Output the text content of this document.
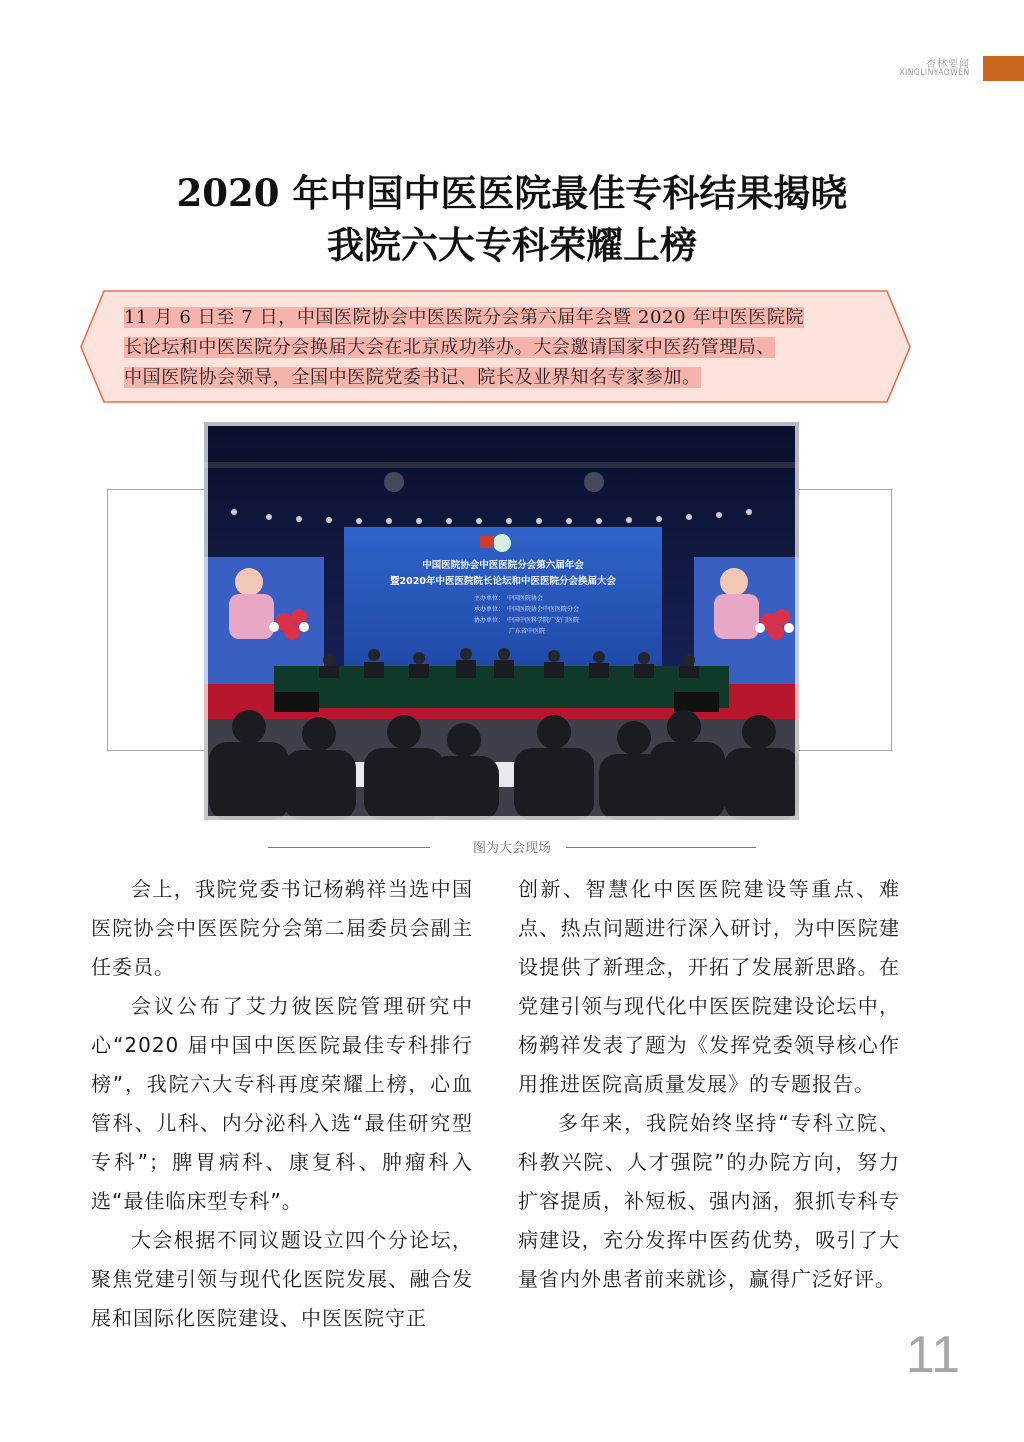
杏林要闻
XINGLINYAOWEN
2020 年中国中医医院最佳专科结果揭晓
我院六大专科荣耀上榜
11 月 6 日至 7 日，中国医院协会中医医院分会第六届年会暨 2020 年中医医院院
长论坛和中医医院分会换届大会在北京成功举办。大会邀请国家中医药管理局、
中国医院协会领导，全国中医院党委书记、院长及业界知名专家参加。
中国医院协会中医医院分会第六届年会
暨2020年中医医院院长论坛和中医医院分会换届大会
主办单位：　中国医院协会
承办单位：　中国医院协会中医医院分会
协办单位：　中国中医科学院广安门医院
广东省中医院
图为大会现场

会上，我院党委书记杨鹈祥当选中国医院协会中医医院分会第二届委员会副主任委员。

会议公布了艾力彼医院管理研究中心“2020 届中国中医医院最佳专科排行榜”，我院六大专科再度荣耀上榜，心血管科、儿科、内分泌科入选“最佳研究型专科”；脾胃病科、康复科、肿瘤科入选“最佳临床型专科”。

大会根据不同议题设立四个分论坛，聚焦党建引领与现代化医院发展、融合发展和国际化医院建设、中医医院守正

创新、智慧化中医医院建设等重点、难点、热点问题进行深入研讨，为中医院建设提供了新理念，开拓了发展新思路。在党建引领与现代化中医医院建设论坛中，杨鹈祥发表了题为《发挥党委领导核心作用推进医院高质量发展》的专题报告。

多年来，我院始终坚持“专科立院、科教兴院、人才强院”的办院方向，努力扩容提质，补短板、强内涵，狠抓专科专病建设，充分发挥中医药优势，吸引了大量省内外患者前来就诊，赢得广泛好评。

11
